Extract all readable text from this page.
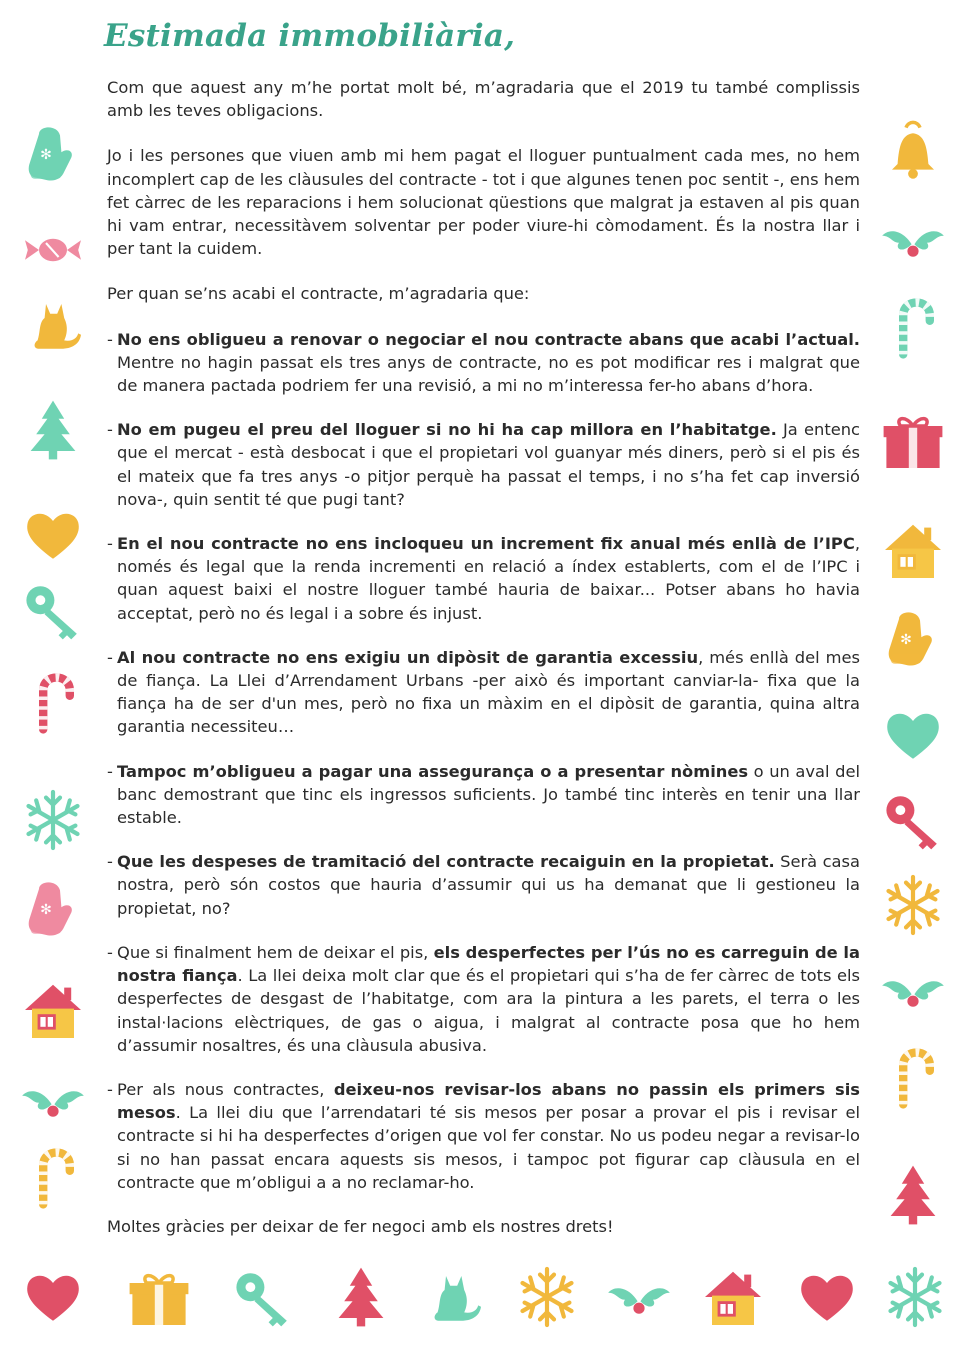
Estimada immobiliària,

Com que aquest any m’he portat molt bé, m’agradaria que el 2019 tu també complissis amb les teves obligacions.

Jo i les persones que viuen amb mi hem pagat el lloguer puntualment cada mes, no hem incomplert cap de les clàusules del contracte - tot i que algunes tenen poc sentit -, ens hem fet càrrec de les reparacions i hem solucionat qüestions que malgrat ja estaven al pis quan hi vam entrar, necessitàvem solventar per poder viure-hi còmodament. És la nostra llar i per tant la cuidem.

Per quan se’ns acabi el contracte, m’agradaria que:

- No ens obligueu a renovar o negociar el nou contracte abans que acabi l’actual. Mentre no hagin passat els tres anys de contracte, no es pot modificar res i malgrat que de manera pactada podriem fer una revisió, a mi no m’interessa fer-ho abans d’hora.
- No em pugeu el preu del lloguer si no hi ha cap millora en l’habitatge. Ja entenc que el mercat - està desbocat i que el propietari vol guanyar més diners, però si el pis és el mateix que fa tres anys -o pitjor perquè ha passat el temps, i no s’ha fet cap inversió nova-, quin sentit té que pugi tant?
- En el nou contracte no ens incloqueu un increment fix anual més enllà de l’IPC, només és legal que la renda incrementi en relació a índex establerts, com el de l’IPC i quan aquest baixi el nostre lloguer també hauria de baixar... Potser abans ho havia acceptat, però no és legal i a sobre és injust.
- Al nou contracte no ens exigiu un dipòsit de garantia excessiu, més enllà del mes de fiança. La Llei d’Arrendament Urbans -per això és important canviar-la- fixa que la fiança ha de ser d'un mes, però no fixa un màxim en el dipòsit de garantia, quina altra garantia necessiteu…
- Tampoc m’obligueu a pagar una assegurança o a presentar nòmines o un aval del banc demostrant que tinc els ingressos suficients. Jo també tinc interès en tenir una llar estable.
- Que les despeses de tramitació del contracte recaiguin en la propietat. Serà casa nostra, però són costos que hauria d’assumir qui us ha demanat que li gestioneu la propietat, no?
- Que si finalment hem de deixar el pis, els desperfectes per l’ús no es carreguin de la nostra fiança. La llei deixa molt clar que és el propietari qui s’ha de fer càrrec de tots els desperfectes de desgast de l’habitatge, com ara la pintura a les parets, el terra o les instal·lacions elèctriques, de gas o aigua, i malgrat al contracte posa que ho hem d’assumir nosaltres, és una clàusula abusiva.
- Per als nous contractes, deixeu-nos revisar-los abans no passin els primers sis mesos. La llei diu que l’arrendatari té sis mesos per posar a provar el pis i revisar el contracte si hi ha desperfectes d’origen que vol fer constar. No us podeu negar a revisar-lo si no han passat encara aquests sis mesos, i tampoc pot figurar cap clàusula en el contracte que m’obligui a a no reclamar-ho.

Moltes gràcies per deixar de fer negoci amb els nostres drets!

✻
✻
✻
